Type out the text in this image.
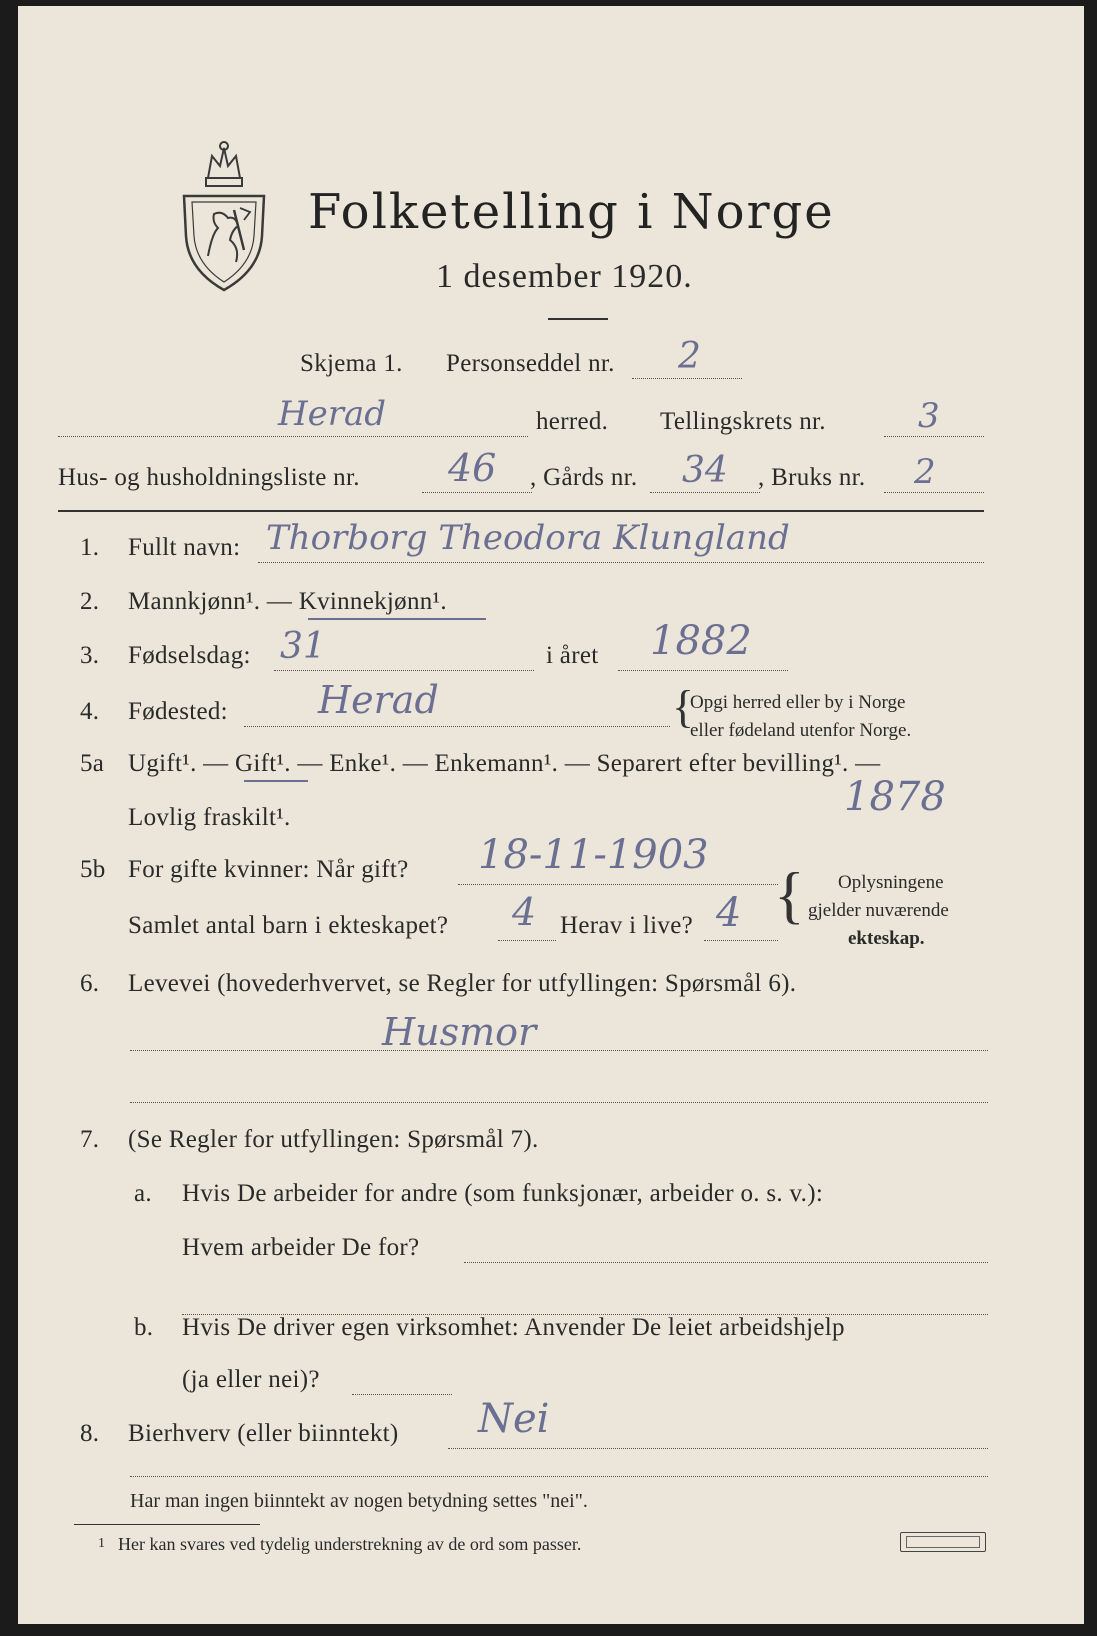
Folketelling i Norge
1 desember 1920.
Skjema 1. Personseddel nr. 2
Herad	herred. Tellingskrets nr.	3
Hus- og husholdningsliste nr. 46 , Gårds nr. 34 , Bruks nr. 2
1. Fullt navn: Thorborg Theodora Klungland
2. Mannkjønn¹. — Kvinnekjønn¹.
3. Fødselsdag: 31	i året 1882
4. Fødested: Herad	{
Opgi herred eller by i Norge
eller fødeland utenfor Norge.
5a Ugift¹. — Gift¹. — Enke¹. — Enkemann¹. — Separert efter bevilling¹. —
Lovlig fraskilt¹.	1878
5b For gifte kvinner: Når gift? 18-11-1903
Samlet antal barn i ekteskapet? 4 Herav i live? 4 { Oplysningene
gjelder nuværende
ekteskap.
6. Levevei (hovederhvervet, se Regler for utfyllingen: Spørsmål 6).
Husmor
7. (Se Regler for utfyllingen: Spørsmål 7).
a. Hvis De arbeider for andre (som funksjonær, arbeider o. s. v.):
Hvem arbeider De for?
b. Hvis De driver egen virksomhet: Anvender De leiet arbeidshjelp
(ja eller nei)?
8. Bierhverv (eller biinntekt) Nei
Har man ingen biinntekt av nogen betydning settes "nei".
1 Her kan svares ved tydelig understrekning av de ord som passer.
